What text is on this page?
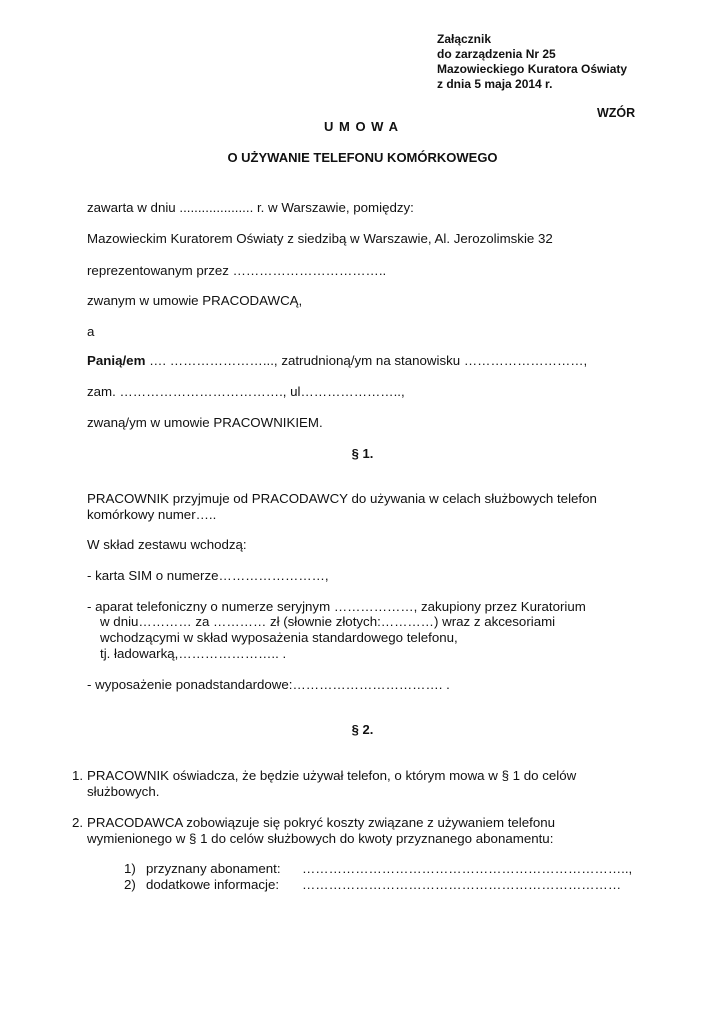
Załącznik
do zarządzenia Nr 25
Mazowieckiego Kuratora Oświaty
z dnia 5 maja 2014 r.
WZÓR
U M O W A
O UŻYWANIE TELEFONU KOMÓRKOWEGO
zawarta w dniu .................... r. w Warszawie, pomiędzy:
Mazowieckim Kuratorem Oświaty z siedzibą w Warszawie, Al. Jerozolimskie 32
reprezentowanym przez ……………………………..
zwanym w umowie PRACODAWCĄ,
a
Panią/em …. …………………..., zatrudnioną/ym na stanowisku ………………………,
zam. ………………………………., ul…………………..,
zwaną/ym w umowie PRACOWNIKIEM.
§ 1.
PRACOWNIK przyjmuje od PRACODAWCY do używania w celach służbowych telefon
komórkowy numer…..
W skład zestawu wchodzą:
- karta SIM o numerze……………………,
- aparat telefoniczny o numerze seryjnym ………………, zakupiony przez Kuratorium
w dniu………… za ………… zł (słownie złotych:…………) wraz z akcesoriami
wchodzącymi w skład wyposażenia standardowego telefonu,
tj. ładowarką,………………….. .
- wyposażenie ponadstandardowe:……………………………. .
§ 2.
1. PRACOWNIK oświadcza, że będzie używał telefon, o którym mowa w § 1 do celów
służbowych.
2. PRACODAWCA zobowiązuje się pokryć koszty związane z używaniem telefonu
wymienionego w § 1 do celów służbowych do kwoty przyznanego abonamentu:
1) przyznany abonament: ………………………………………………………………..,
2) dodatkowe informacje: ………………………………………………………………
